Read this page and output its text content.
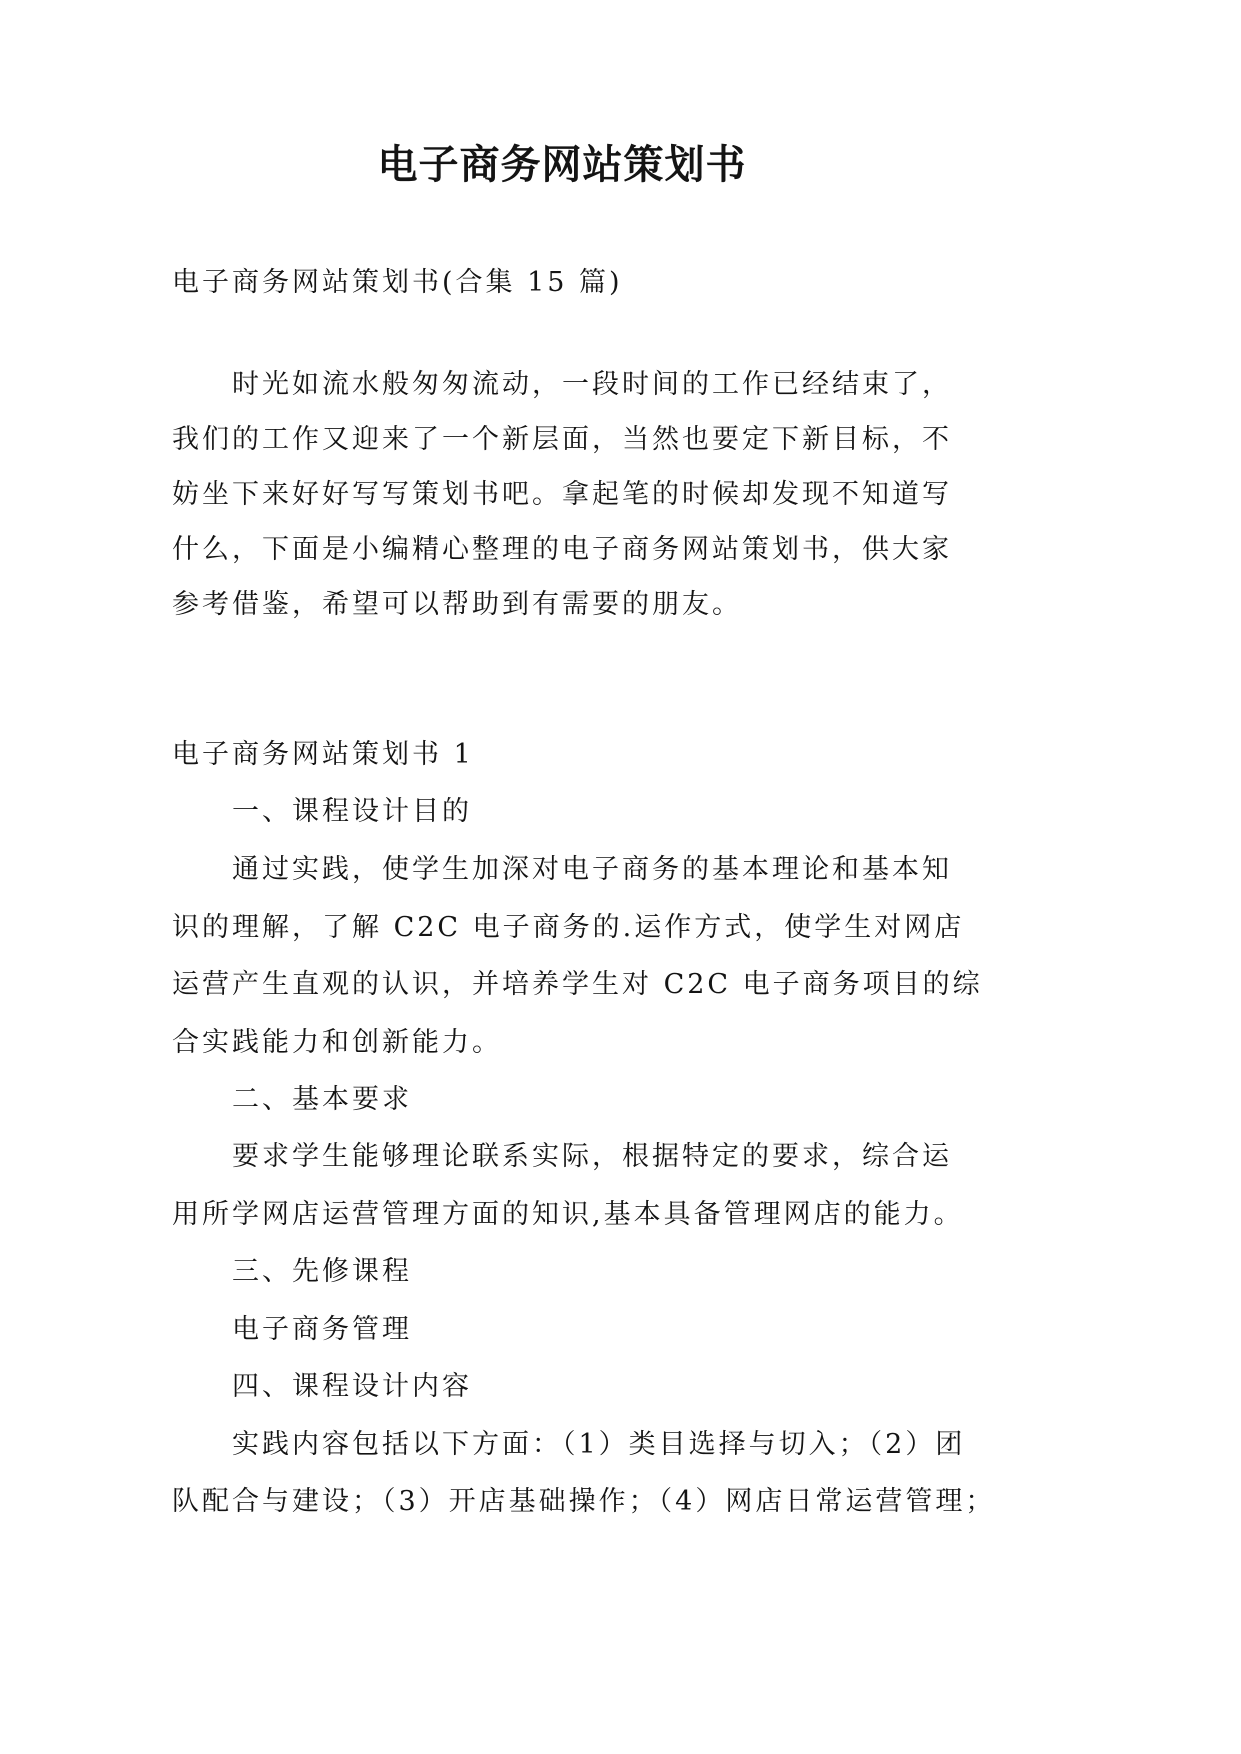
电子商务网站策划书
电子商务网站策划书(合集 15 篇)
时光如流水般匆匆流动，一段时间的工作已经结束了，
我们的工作又迎来了一个新层面，当然也要定下新目标，不
妨坐下来好好写写策划书吧。拿起笔的时候却发现不知道写
什么，下面是小编精心整理的电子商务网站策划书，供大家
参考借鉴，希望可以帮助到有需要的朋友。
电子商务网站策划书 1
一、课程设计目的
通过实践，使学生加深对电子商务的基本理论和基本知
识的理解，了解 C2C 电子商务的.运作方式，使学生对网店
运营产生直观的认识，并培养学生对 C2C 电子商务项目的综
合实践能力和创新能力。
二、基本要求
要求学生能够理论联系实际，根据特定的要求，综合运
用所学网店运营管理方面的知识,基本具备管理网店的能力。
三、先修课程
电子商务管理
四、课程设计内容
实践内容包括以下方面：（1）类目选择与切入；（2）团
队配合与建设；（3）开店基础操作；（4）网店日常运营管理；
